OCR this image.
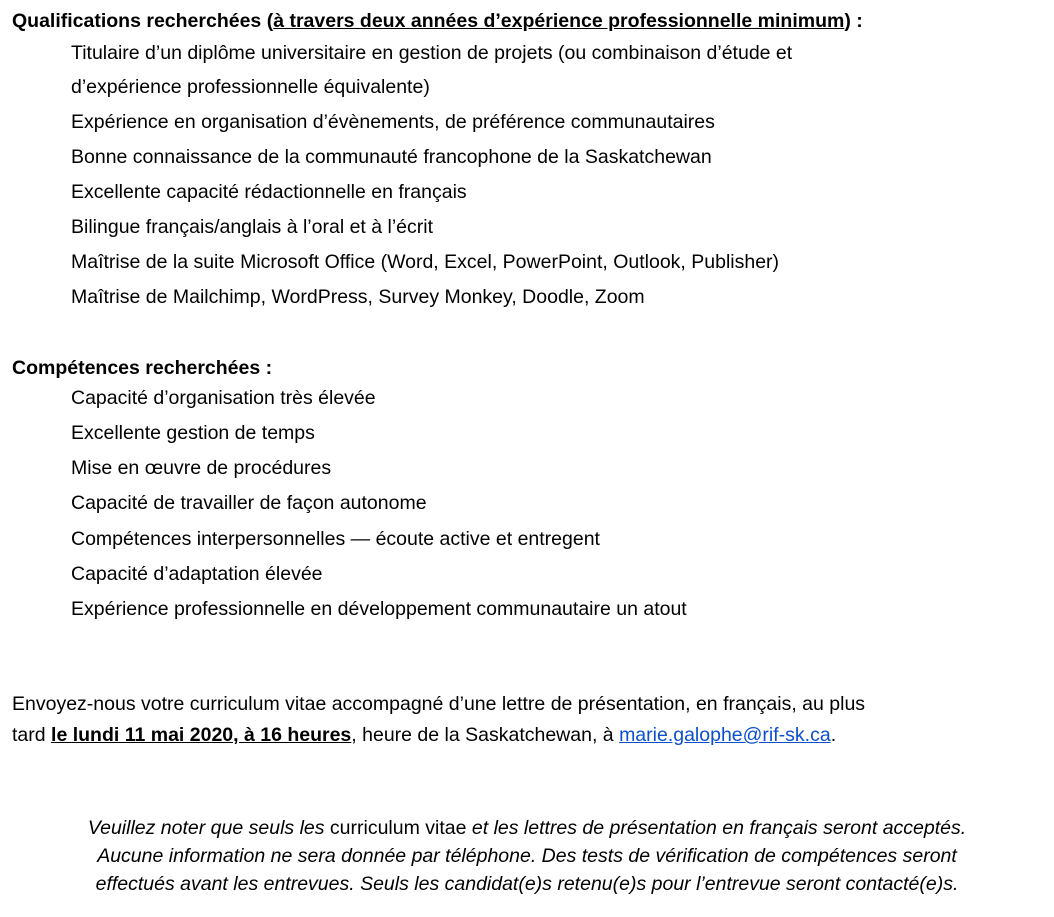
Qualifications recherchées (à travers deux années d’expérience professionnelle minimum) :
Titulaire d’un diplôme universitaire en gestion de projets (ou combinaison d’étude et
d’expérience professionnelle équivalente)
Expérience en organisation d’évènements, de préférence communautaires
Bonne connaissance de la communauté francophone de la Saskatchewan
Excellente capacité rédactionnelle en français
Bilingue français/anglais à l’oral et à l’écrit
Maîtrise de la suite Microsoft Office (Word, Excel, PowerPoint, Outlook, Publisher)
Maîtrise de Mailchimp, WordPress, Survey Monkey, Doodle, Zoom
Compétences recherchées :
Capacité d’organisation très élevée
Excellente gestion de temps
Mise en œuvre de procédures
Capacité de travailler de façon autonome
Compétences interpersonnelles — écoute active et entregent
Capacité d’adaptation élevée
Expérience professionnelle en développement communautaire un atout
Envoyez-nous votre curriculum vitae accompagné d’une lettre de présentation, en français, au plus
tard le lundi 11 mai 2020, à 16 heures, heure de la Saskatchewan, à marie.galophe@rif-sk.ca.
Veuillez noter que seuls les curriculum vitae et les lettres de présentation en français seront acceptés.
Aucune information ne sera donnée par téléphone. Des tests de vérification de compétences seront
effectués avant les entrevues. Seuls les candidat(e)s retenu(e)s pour l’entrevue seront contacté(e)s.
